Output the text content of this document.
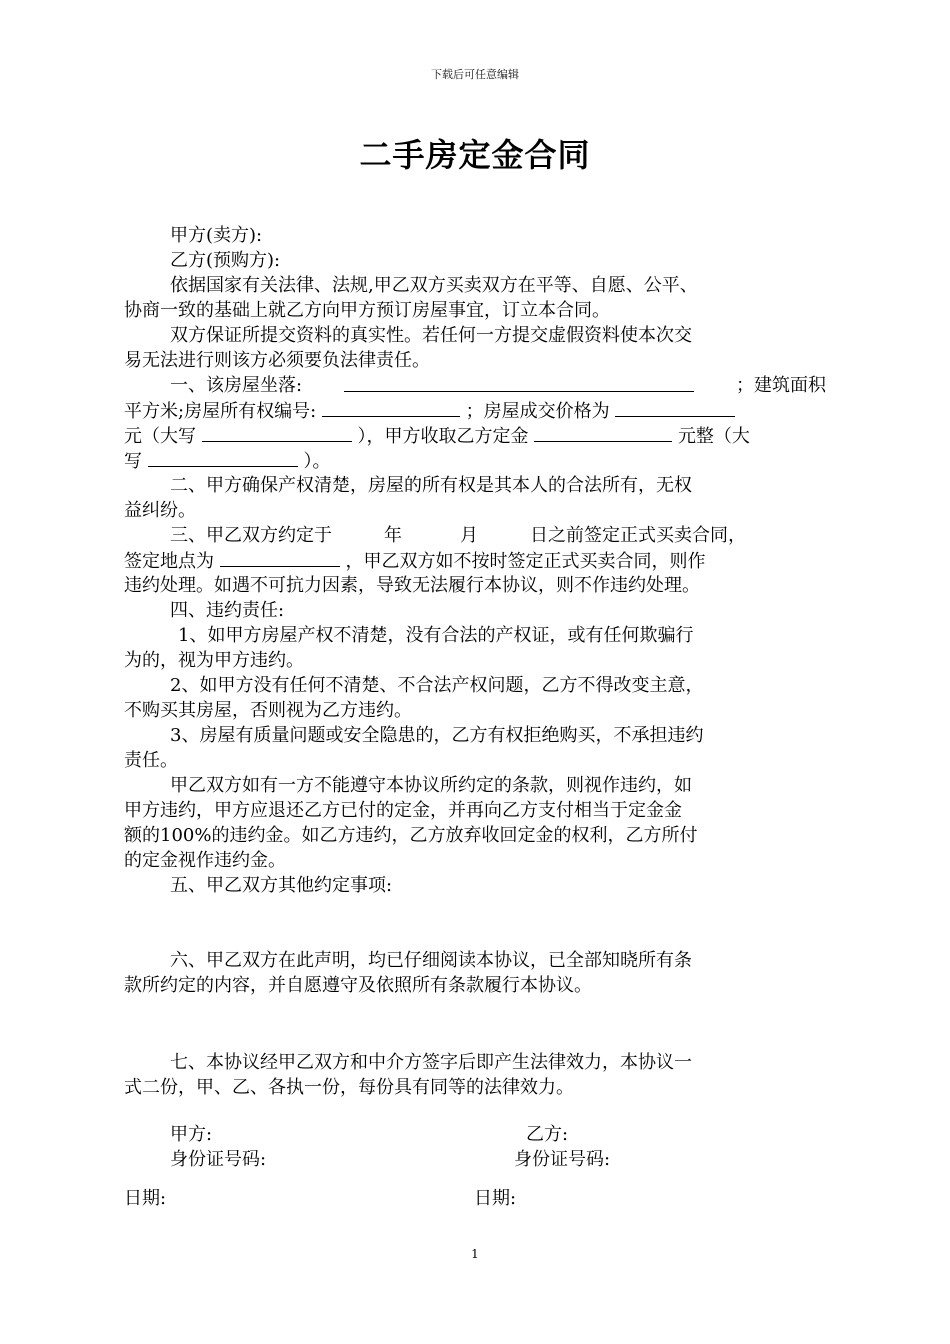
下载后可任意编辑
二手房定金合同
甲方(卖方):
乙方(预购方):
依据国家有关法律、法规,甲乙双方买卖双方在平等、自愿、公平、
协商一致的基础上就乙方向甲方预订房屋事宜，订立本合同。
双方保证所提交资料的真实性。若任何一方提交虚假资料使本次交
易无法进行则该方必须要负法律责任。
一、该房屋坐落:	；建筑面积
平方米;房屋所有权编号:	；房屋成交价格为
元（大写	），甲方收取乙方定金	元整（大
写	）。
二、甲方确保产权清楚，房屋的所有权是其本人的合法所有，无权
益纠纷。
三、甲乙双方约定于	年	月	日之前签定正式买卖合同，
签定地点为	，甲乙双方如不按时签定正式买卖合同，则作
违约处理。如遇不可抗力因素，导致无法履行本协议，则不作违约处理。
四、违约责任:
1、如甲方房屋产权不清楚，没有合法的产权证，或有任何欺骗行
为的，视为甲方违约。
2、如甲方没有任何不清楚、不合法产权问题，乙方不得改变主意，
不购买其房屋，否则视为乙方违约。
3、房屋有质量问题或安全隐患的，乙方有权拒绝购买，不承担违约
责任。
甲乙双方如有一方不能遵守本协议所约定的条款，则视作违约，如
甲方违约，甲方应退还乙方已付的定金，并再向乙方支付相当于定金金
额的100%的违约金。如乙方违约，乙方放弃收回定金的权利，乙方所付
的定金视作违约金。
五、甲乙双方其他约定事项:
六、甲乙双方在此声明，均已仔细阅读本协议，已全部知晓所有条
款所约定的内容，并自愿遵守及依照所有条款履行本协议。
七、本协议经甲乙双方和中介方签字后即产生法律效力，本协议一
式二份，甲、乙、各执一份，每份具有同等的法律效力。
甲方:	乙方:
身份证号码:	身份证号码:
日期:	日期:
1
